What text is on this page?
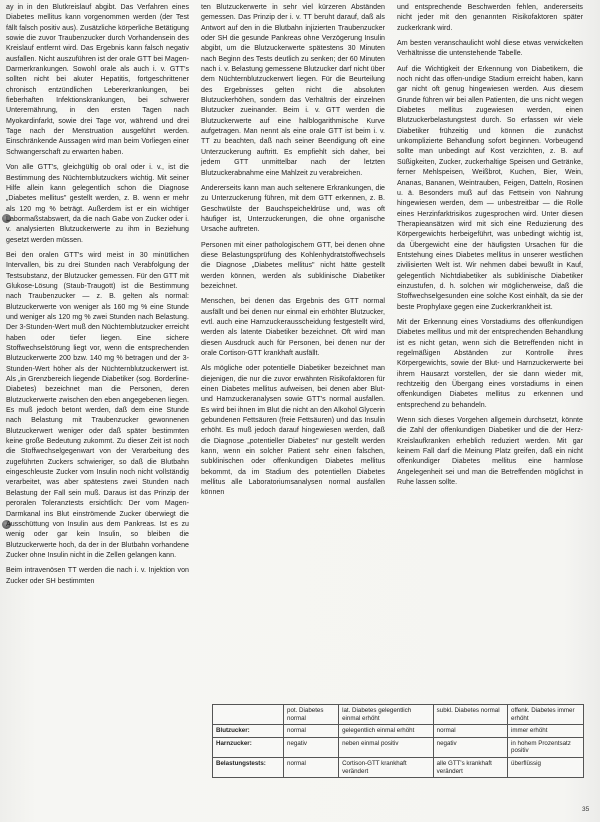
ay in in den Blutkreislauf abgibt. Das Verfahren eines Diabetes mellitus kann vorgenommen werden (der Test fällt falsch positiv aus). Zusätzliche körperliche Betätigung sowie die zuvor Traubenzucker durch Vorhandensein des Kreislauf entfernt wird. Das Ergebnis kann falsch negativ ausfallen. Nicht auszuführen ist der orale GTT bei Magen-Darmerkrankungen. Sowohl orale als auch i. v. GTT's sollten nicht bei akuter Hepatitis, fortgeschrittener chronisch entzündlichen Lebererkrankungen, bei fieberhaften Infektionskrankungen, bei schwerer Unterernährung, in den ersten Tagen nach Myokardinfarkt, sowie drei Tage vor, während und drei Tage nach der Menstruation ausgeführt werden. Einschränkende Aussagen wird man beim Vorliegen einer Schwangerschaft zu erwarten haben.

Von alle GTT's, gleichgültig ob oral oder i. v., ist die Bestimmung des Nüchternblutzuckers wichtig. Mit seiner Hilfe allein kann gelegentlich schon die Diagnose „Diabetes mellitus" gestellt werden, z. B. wenn er mehr als 120 mg % beträgt. Außerdem ist er ein wichtiger Labormaßstabswert, da die nach Gabe von Zucker oder i. v. analysierten Blutzuckerwerte zu ihm in Beziehung gesetzt werden müssen.

Bei den oralen GTT's wird meist in 30 minütlichen Intervallen, bis zu drei Stunden nach Verabfolgung der Testsubstanz, der Blutzucker gemessen. Für den GTT mit Glukose-Lösung (Staub-Traugott) ist die Bestimmung nach Traubenzucker — z. B. gelten als normal: Blutzuckerwerte von weniger als 160 mg % eine Stunde und weniger als 120 mg % zwei Stunden nach Belastung. Der 3-Stunden-Wert muß den Nüchternblutzucker erreicht haben oder tiefer liegen. Eine sichere Stoffwechselstörung liegt vor, wenn die entsprechenden Blutzuckerwerte 200 bzw. 140 mg % betragen und der 3-Stunden-Wert höher als der Nüchternblutzuckerwert ist. Als „in Grenzbereich liegende Diabetiker (sog. Borderline-Diabetes) bezeichnet man die Personen, deren Blutzuckerwerte zwischen den eben angegebenen liegen. Es muß jedoch betont werden, daß dem eine Stunde nach Belastung mit Traubenzucker gewonnenen Blutzuckerwert weniger oder daß später bestimmten keine große Bedeutung zukommt. Zu dieser Zeit ist noch die Stoffwechselgegenwart von der Verarbeitung des zugeführten Zuckers schwieriger, so daß die Blutbahn eingeschleuste Zucker vom Insulin noch nicht vollständig verarbeitet, was aber spätestens zwei Stunden nach Belastung der Fall sein muß. Daraus ist das Prinzip der peroralen Toleranztests ersichtlich: Der vom Magen-Darmkanal ins Blut einströmende Zucker überwiegt die Ausschüttung von Insulin aus dem Pankreas. Ist es zu wenig oder gar kein Insulin, so bleiben die Blutzuckerwerte hoch, da der in der Blutbahn vorhandene Zucker ohne Insulin nicht in die Zellen gelangen kann.

Beim intravenösen TT werden die nach i. v. Injektion von Zucker oder SH bestimmten

ten Blutzuckerwerte in sehr viel kürzeren Abständen gemessen. Das Prinzip der i. v. TT beruht darauf, daß als Antwort auf den in die Blutbahn injizierten Traubenzucker oder SH die gesunde Pankreas ohne Verzögerung Insulin abgibt, um die Blutzuckerwerte spätestens 30 Minuten nach Beginn des Tests deutlich zu senken; der 60 Minuten nach i. v. Belastung gemessene Blutzucker darf nicht über dem Nüchternblutzuckerwert liegen. Für die Beurteilung des Ergebnisses gelten nicht die absoluten Blutzuckerhöhen, sondern das Verhältnis der einzelnen Blutzucker zueinander. Beim i. v. GTT werden die Blutzuckerwerte auf eine halblogarithmische Kurve aufgetragen. Man nennt als eine orale GTT ist beim i. v. TT zu beachten, daß nach seiner Beendigung oft eine Unterzuckerung auftritt. Es empfiehlt sich daher, bei jedem GTT unmittelbar nach der letzten Blutzuckerabnahme eine Mahlzeit zu verabreichen.

Andererseits kann man auch seltenere Erkrankungen, die zu Unterzuckerung führen, mit dem GTT erkennen, z. B. Geschwülste der Bauchspeicheldrüse und, was oft häufiger ist, Unterzuckerungen, die ohne organische Ursache auftreten.

Personen mit einer pathologischem GTT, bei denen ohne diese Belastungsprüfung des Kohlenhydratstoffwechsels die Diagnose „Diabetes mellitus" nicht hätte gestellt werden können, werden als subklinische Diabetiker bezeichnet.

Menschen, bei denen das Ergebnis des GTT normal ausfällt und bei denen nur einmal ein erhöhter Blutzucker, evtl. auch eine Harnzuckerausscheidung festgestellt wird, werden als latente Diabetiker bezeichnet. Oft wird man diesen Ausdruck auch für Personen, bei denen nur der orale Cortison-GTT krankhaft ausfällt.

Als mögliche oder potentielle Diabetiker bezeichnet man diejenigen, die nur die zuvor erwähnten Risikofaktoren für einen Diabetes mellitus aufweisen, bei denen aber Blut- und Harnzuckeranalysen sowie GTT's normal ausfallen. Es wird bei ihnen im Blut die nicht an den Alkohol Glycerin gebundenen Fettsäuren (freie Fettsäuren) und das Insulin erhöht. Es muß jedoch darauf hingewiesen werden, daß die Diagnose „potentieller Diabetes" nur gestellt werden kann, wenn ein solcher Patient sehr einen falschen, subklinischen oder offenkundigen Diabetes mellitus bekommt, da im Stadium des potentiellen Diabetes mellitus alle Laboratoriumsanalysen normal ausfallen können

und entsprechende Beschwerden fehlen, andererseits nicht jeder mit den genannten Risikofaktoren später zuckerkrank wird.

Am besten veranschaulicht wohl diese etwas verwickelten Verhältnisse die untenstehende Tabelle.

Auf die Wichtigkeit der Erkennung von Diabetikern, die noch nicht das offen-undige Stadium erreicht haben, kann gar nicht oft genug hingewiesen werden. Aus diesem Grunde führen wir bei allen Patienten, die uns nicht wegen Diabetes mellitus zugewiesen werden, einen Blutzuckerbelastungstest durch. So erfassen wir viele Diabetiker frühzeitig und können die zunächst unkomplizierte Behandlung sofort beginnen. Vorbeugend sollte man unbedingt auf Kost verzichten, z. B. auf Süßigkeiten, Zucker, zuckerhaltige Speisen und Getränke, ferner Mehlspeisen, Weißbrot, Kuchen, Bier, Wein, Ananas, Bananen, Weintrauben, Feigen, Datteln, Rosinen u. ä. Besonders muß auf das Fettsein von Nahrung hingewiesen werden, dem — unbestreitbar — die Rolle eines Herzinfarktrisikos zugesprochen wird. Unter diesen Therapieansätzen wird mit sich eine Reduzierung des Körpergewichts herbeigeführt, was unbedingt wichtig ist, da Übergewicht eine der häufigsten Ursachen für die Entstehung eines Diabetes mellitus in unserer westlichen zivilisierten Welt ist. Wir nehmen dabei bewußt in Kauf, gelegentlich Nichtdiabetiker als subklinische Diabetiker einzustufen, d. h. solchen wir möglicherweise, daß die Stoffwechselgesunden eine solche Kost einhält, da sie der beste Prophylaxe gegen eine Zuckerkrankheit ist.

Mit der Erkennung eines Vorstadiums des offenkundigen Diabetes mellitus und mit der entsprechenden Behandlung ist es nicht getan, wenn sich die Betreffenden nicht in regelmäßigen Abständen zur Kontrolle ihres Körpergewichts, sowie der Blut- und Harnzuckerwerte bei ihrem Hausarzt vorstellen, der sie dann wieder mit, rechtzeitig den Übergang eines vorstadiums in einen offenkundigen Diabetes mellitus zu erkennen und entsprechend zu behandeln.

Wenn sich dieses Vorgehen allgemein durchsetzt, könnte die Zahl der offenkundigen Diabetiker und die der Herz-Kreislaufkranken erheblich reduziert werden. Mit gar keinem Fall darf die Meinung Platz greifen, daß ein nicht offenkundiger Diabetes mellitus eine harmlose Angelegenheit sei und man die Betreffenden möglichst in Ruhe lassen sollte.

	pot. Diabetes normal	lat. Diabetes gelegentlich einmal erhöht	subkl. Diabetes normal	offenk. Diabetes immer erhöht
Blutzucker:	normal	gelegentlich einmal erhöht	normal	immer erhöht
Harnzucker:	negativ	neben einmal positiv	negativ	in hohem Prozentsatz positiv
Belastungstests:	normal	Cortison-GTT krankhaft verändert	alle GTT's krankhaft verändert	überflüssig
35
